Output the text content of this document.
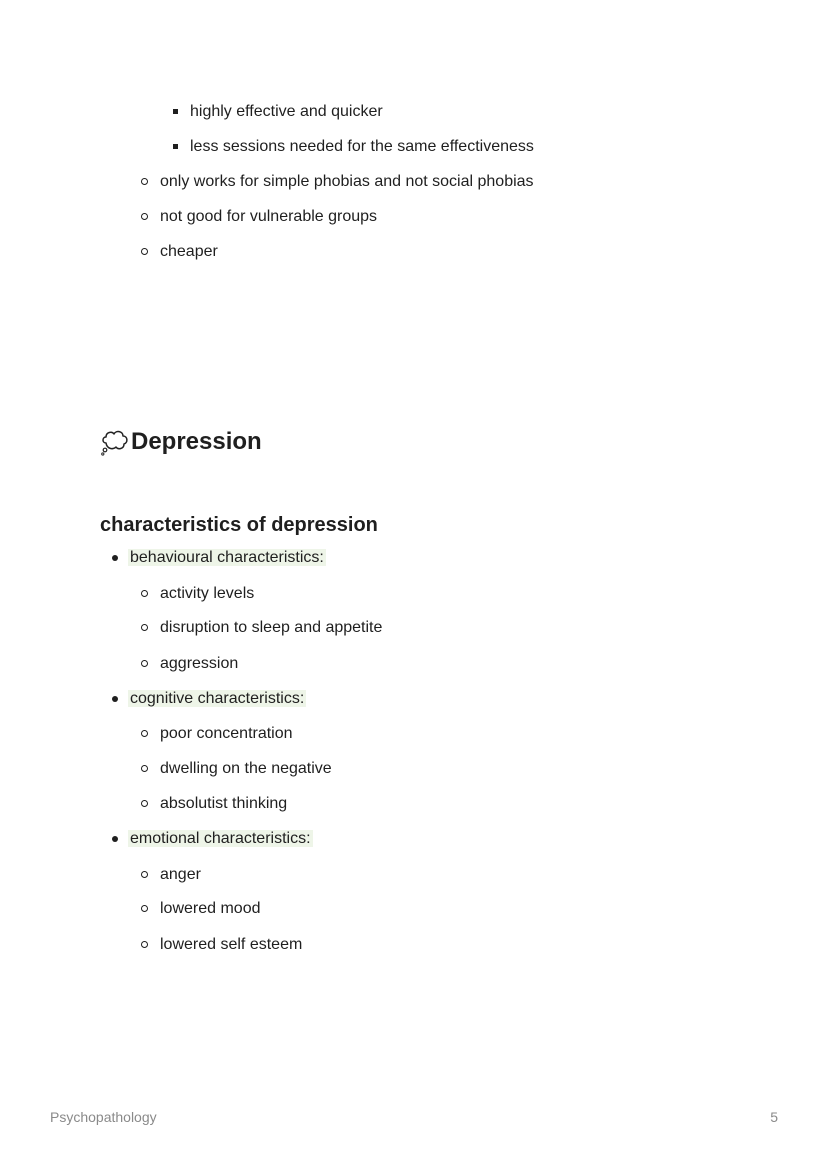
highly effective and quicker
less sessions needed for the same effectiveness
only works for simple phobias and not social phobias
not good for vulnerable groups
cheaper
Depression
characteristics of depression
behavioural characteristics:
activity levels
disruption to sleep and appetite
aggression
cognitive characteristics:
poor concentration
dwelling on the negative
absolutist thinking
emotional characteristics:
anger
lowered mood
lowered self esteem
Psychopathology	5
